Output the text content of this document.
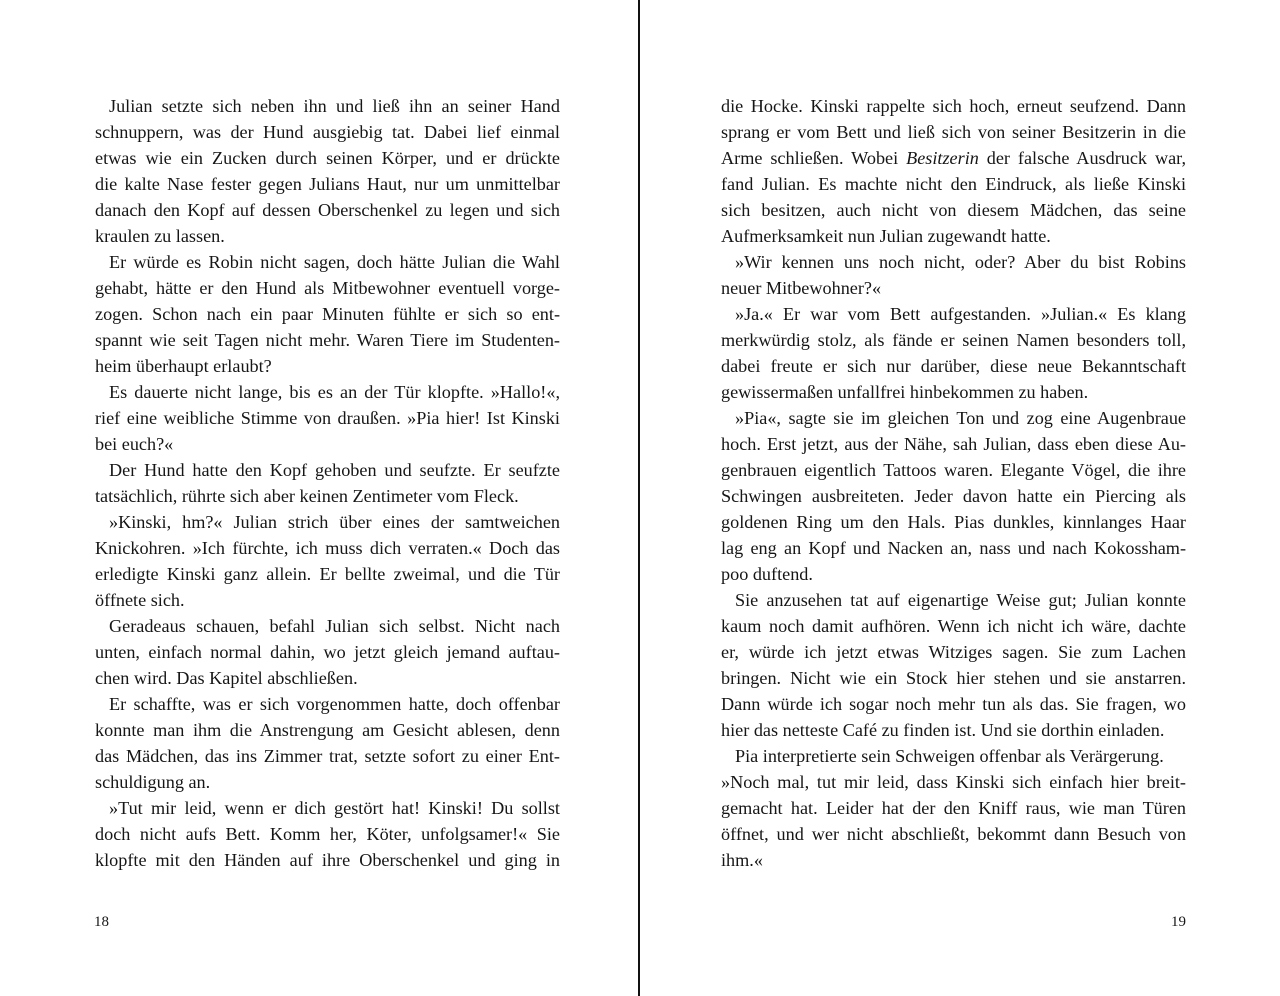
Julian setzte sich neben ihn und ließ ihn an seiner Hand
schnuppern, was der Hund ausgiebig tat. Dabei lief einmal
etwas wie ein Zucken durch seinen Körper, und er drückte
die kalte Nase fester gegen Julians Haut, nur um unmittelbar
danach den Kopf auf dessen Oberschenkel zu legen und sich
kraulen zu lassen.
Er würde es Robin nicht sagen, doch hätte Julian die Wahl
gehabt, hätte er den Hund als Mitbewohner eventuell vorge-
zogen. Schon nach ein paar Minuten fühlte er sich so ent-
spannt wie seit Tagen nicht mehr. Waren Tiere im Studenten-
heim überhaupt erlaubt?
Es dauerte nicht lange, bis es an der Tür klopfte. »Hallo!«,
rief eine weibliche Stimme von draußen. »Pia hier! Ist Kinski
bei euch?«
Der Hund hatte den Kopf gehoben und seufzte. Er seufzte
tatsächlich, rührte sich aber keinen Zentimeter vom Fleck.
»Kinski, hm?« Julian strich über eines der samtweichen
Knickohren. »Ich fürchte, ich muss dich verraten.« Doch das
erledigte Kinski ganz allein. Er bellte zweimal, und die Tür
öffnete sich.
Geradeaus schauen, befahl Julian sich selbst. Nicht nach
unten, einfach normal dahin, wo jetzt gleich jemand auftau-
chen wird. Das Kapitel abschließen.
Er schaffte, was er sich vorgenommen hatte, doch offenbar
konnte man ihm die Anstrengung am Gesicht ablesen, denn
das Mädchen, das ins Zimmer trat, setzte sofort zu einer Ent-
schuldigung an.
»Tut mir leid, wenn er dich gestört hat! Kinski! Du sollst
doch nicht aufs Bett. Komm her, Köter, unfolgsamer!« Sie
klopfte mit den Händen auf ihre Oberschenkel und ging in
18
die Hocke. Kinski rappelte sich hoch, erneut seufzend. Dann
sprang er vom Bett und ließ sich von seiner Besitzerin in die
Arme schließen. Wobei Besitzerin der falsche Ausdruck war,
fand Julian. Es machte nicht den Eindruck, als ließe Kinski
sich besitzen, auch nicht von diesem Mädchen, das seine
Aufmerksamkeit nun Julian zugewandt hatte.
»Wir kennen uns noch nicht, oder? Aber du bist Robins
neuer Mitbewohner?«
»Ja.« Er war vom Bett aufgestanden. »Julian.« Es klang
merkwürdig stolz, als fände er seinen Namen besonders toll,
dabei freute er sich nur darüber, diese neue Bekanntschaft
gewissermaßen unfallfrei hinbekommen zu haben.
»Pia«, sagte sie im gleichen Ton und zog eine Augenbraue
hoch. Erst jetzt, aus der Nähe, sah Julian, dass eben diese Au-
genbrauen eigentlich Tattoos waren. Elegante Vögel, die ihre
Schwingen ausbreiteten. Jeder davon hatte ein Piercing als
goldenen Ring um den Hals. Pias dunkles, kinnlanges Haar
lag eng an Kopf und Nacken an, nass und nach Kokossham-
poo duftend.
Sie anzusehen tat auf eigenartige Weise gut; Julian konnte
kaum noch damit aufhören. Wenn ich nicht ich wäre, dachte
er, würde ich jetzt etwas Witziges sagen. Sie zum Lachen
bringen. Nicht wie ein Stock hier stehen und sie anstarren.
Dann würde ich sogar noch mehr tun als das. Sie fragen, wo
hier das netteste Café zu finden ist. Und sie dorthin einladen.
Pia interpretierte sein Schweigen offenbar als Verärgerung.
»Noch mal, tut mir leid, dass Kinski sich einfach hier breit-
gemacht hat. Leider hat der den Kniff raus, wie man Türen
öffnet, und wer nicht abschließt, bekommt dann Besuch von
ihm.«
19
